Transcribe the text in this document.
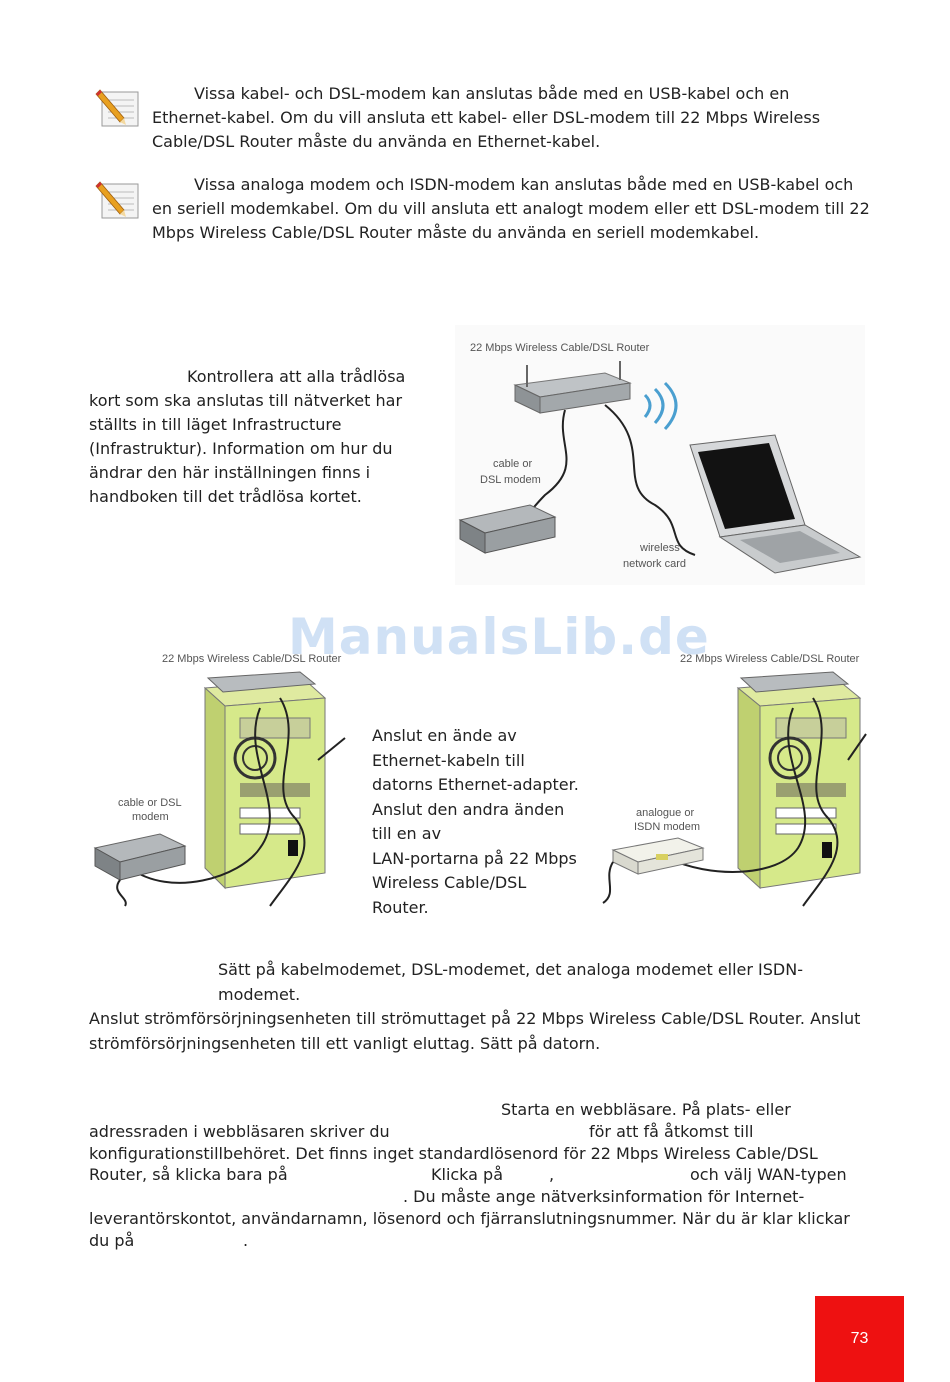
Vissa kabel- och DSL-modem kan anslutas både med en USB-kabel och en
Ethernet-kabel. Om du vill ansluta ett kabel- eller DSL-modem till 22 Mbps Wireless
Cable/DSL Router måste du använda en Ethernet-kabel.
Vissa analoga modem och ISDN-modem kan anslutas både med en USB-kabel och
en seriell modemkabel. Om du vill ansluta ett analogt modem eller ett DSL-modem till 22
Mbps Wireless Cable/DSL Router måste du använda en seriell modemkabel.
Kontrollera att alla trådlösa
kort som ska anslutas till nätverket har
ställts in till läget Infrastructure
(Infrastruktur). Information om hur du
ändrar den här inställningen finns i
handboken till det trådlösa kortet.
22 Mbps Wireless Cable/DSL Router
cable or
DSL modem
wireless
network card
ManualsLib.de
22 Mbps Wireless Cable/DSL Router
cable or DSL
modem
Anslut en ände av
Ethernet-kabeln till
datorns Ethernet-adapter.
Anslut den andra änden
till en av
LAN-portarna på 22 Mbps
Wireless Cable/DSL
Router.
22 Mbps Wireless Cable/DSL Router
analogue or
ISDN modem
Sätt på kabelmodemet, DSL-modemet, det analoga modemet eller ISDN-modemet.
Anslut strömförsörjningsenheten till strömuttaget på 22 Mbps Wireless Cable/DSL Router. Anslut
strömförsörjningsenheten till ett vanligt eluttag. Sätt på datorn.
Starta en webbläsare. På plats- eller
adressraden i webbläsaren skriver du	för att få åtkomst till
konfigurationstillbehöret. Det finns inget standardlösenord för 22 Mbps Wireless Cable/DSL
Router, så klicka bara på	Klicka på	,	och välj WAN-typen
. Du måste ange nätverksinformation för Internet-
leverantörskontot, användarnamn, lösenord och fjärranslutningsnummer. När du är klar klickar
du på	.
73
